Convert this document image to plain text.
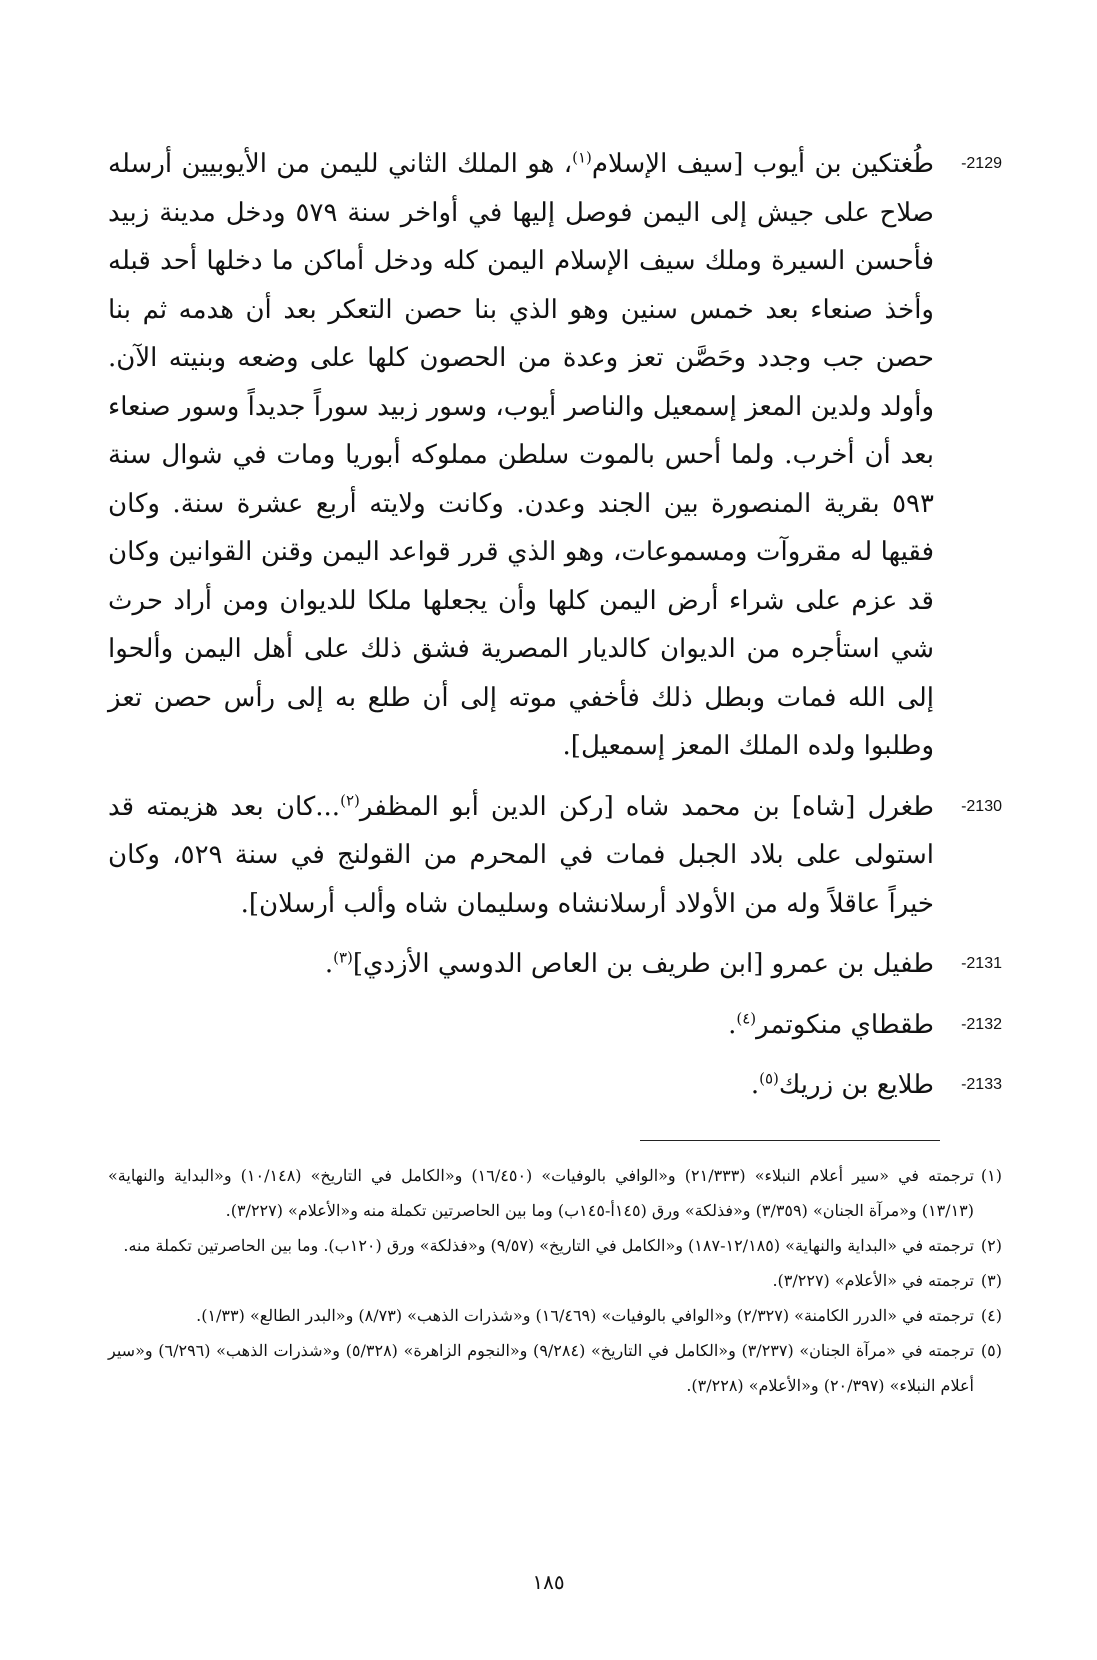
-2129
طُغتكين بن أيوب [سيف الإسلام$^{(١)}$، هو الملك الثاني لليمن من الأيوبيين أرسله صلاح على جيش إلى اليمن فوصل إليها في أواخر سنة ٥٧٩ ودخل مدينة زبيد فأحسن السيرة وملك سيف الإسلام اليمن كله ودخل أماكن ما دخلها أحد قبله وأخذ صنعاء بعد خمس سنين وهو الذي بنا حصن التعكر بعد أن هدمه ثم بنا حصن جب وجدد وحَصَّن تعز وعدة من الحصون كلها على وضعه وبنيته الآن. وأولد ولدين المعز إسمعيل والناصر أيوب، وسور زبيد سوراً جديداً وسور صنعاء بعد أن أخرب. ولما أحس بالموت سلطن مملوكه أبوريا ومات في شوال سنة ٥٩٣ بقرية المنصورة بين الجند وعدن. وكانت ولايته أربع عشرة سنة. وكان فقيها له مقروآت ومسموعات، وهو الذي قرر قواعد اليمن وقنن القوانين وكان قد عزم على شراء أرض اليمن كلها وأن يجعلها ملكا للديوان ومن أراد حرث شي استأجره من الديوان كالديار المصرية فشق ذلك على أهل اليمن وألحوا إلى الله فمات وبطل ذلك فأخفي موته إلى أن طلع به إلى رأس حصن تعز وطلبوا ولده الملك المعز إسمعيل].

-2130
طغرل [شاه] بن محمد شاه [ركن الدين أبو المظفر$^{(٢)}$...كان بعد هزيمته قد استولى على بلاد الجبل فمات في المحرم من القولنج في سنة ٥٢٩، وكان خيراً عاقلاً وله من الأولاد أرسلانشاه وسليمان شاه وألب أرسلان].

-2131
طفيل بن عمرو [ابن طريف بن العاص الدوسي الأزدي]$^{(٣)}$.

-2132
طقطاي منكوتمر$^{(٤)}$.

-2133
طلايع بن زريك$^{(٥)}$.

(١)
ترجمته في «سير أعلام النبلاء» (٢١/٣٣٣) و«الوافي بالوفيات» (١٦/٤٥٠) و«الكامل في التاريخ» (١٠/١٤٨) و«البداية والنهاية» (١٣/١٣) و«مرآة الجنان» (٣/٣٥٩) و«فذلكة» ورق (١٤٥أ-١٤٥ب) وما بين الحاصرتين تكملة منه و«الأعلام» (٣/٢٢٧).

(٢)
ترجمته في «البداية والنهاية» (١٢/١٨٥-١٨٧) و«الكامل في التاريخ» (٩/٥٧) و«فذلكة» ورق (١٢٠ب). وما بين الحاصرتين تكملة منه.

(٣)
ترجمته في «الأعلام» (٣/٢٢٧).

(٤)
ترجمته في «الدرر الكامنة» (٢/٣٢٧) و«الوافي بالوفيات» (١٦/٤٦٩) و«شذرات الذهب» (٨/٧٣) و«البدر الطالع» (١/٣٣).

(٥)
ترجمته في «مرآة الجنان» (٣/٢٣٧) و«الكامل في التاريخ» (٩/٢٨٤) و«النجوم الزاهرة» (٥/٣٢٨) و«شذرات الذهب» (٦/٢٩٦) و«سير أعلام النبلاء» (٢٠/٣٩٧) و«الأعلام» (٣/٢٢٨).

١٨٥
